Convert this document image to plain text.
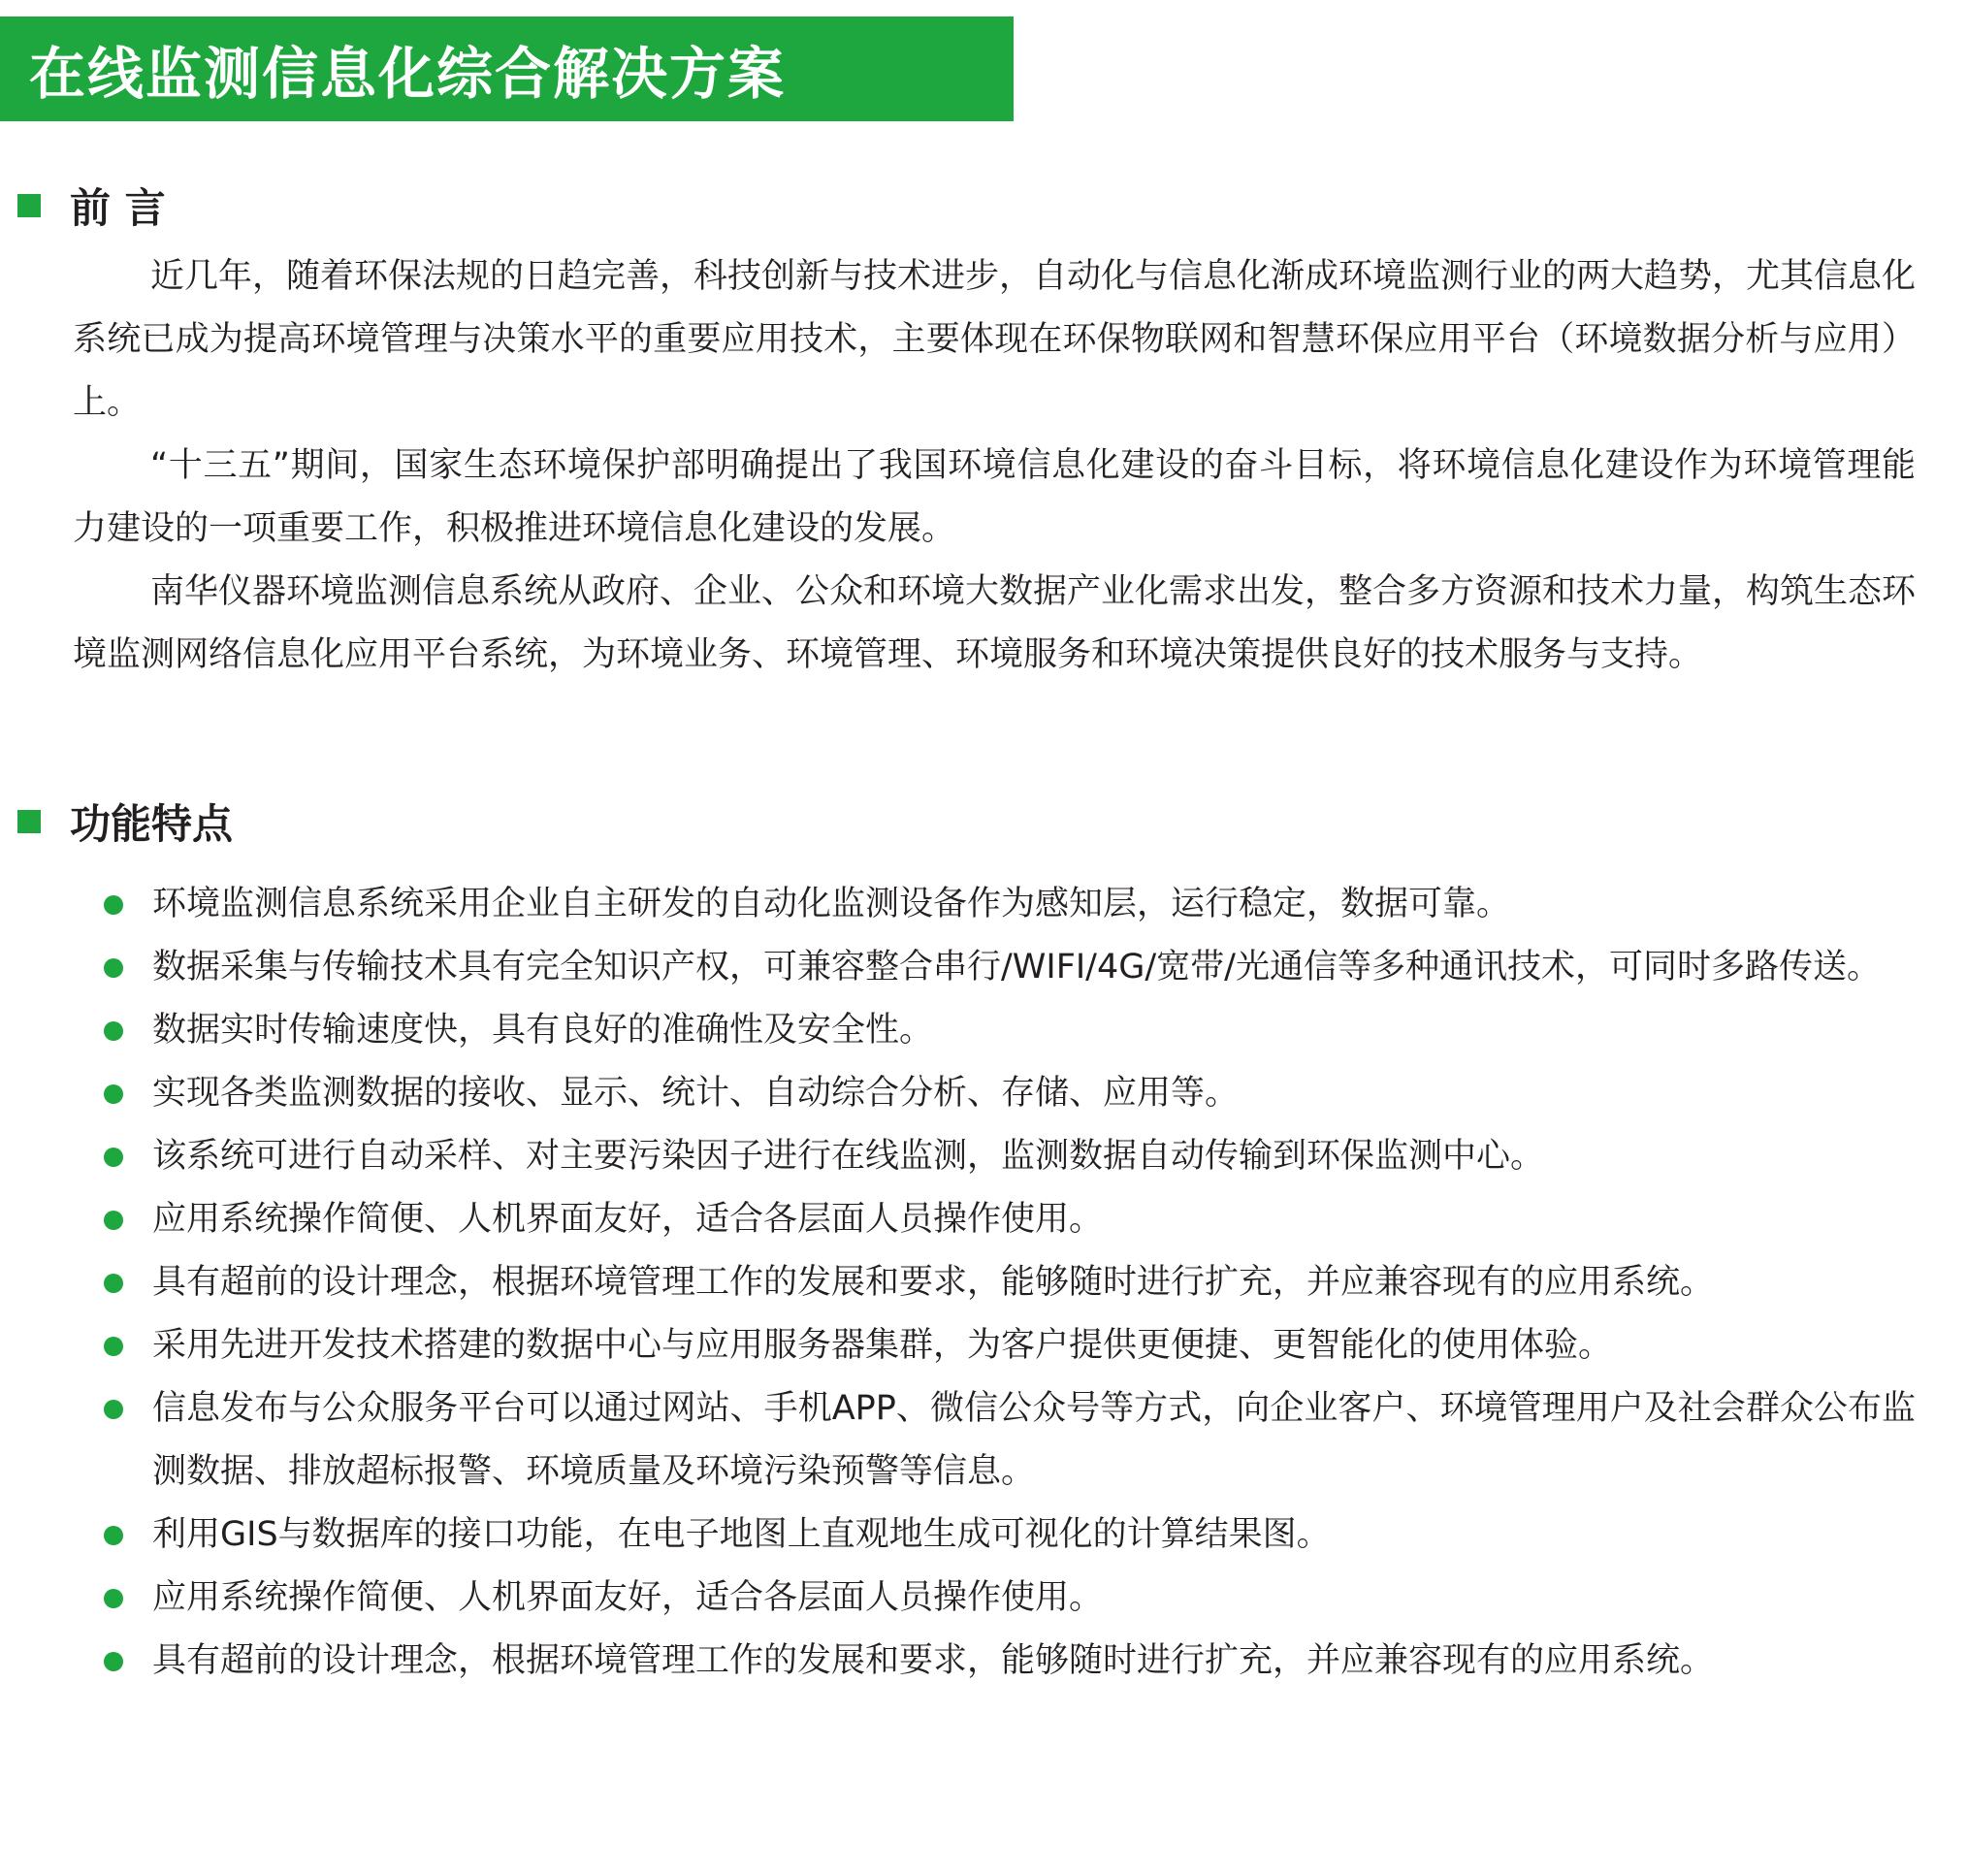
在线监测信息化综合解决方案
前 言

近几年，随着环保法规的日趋完善，科技创新与技术进步，自动化与信息化渐成环境监测行业的两大趋势，尤其信息化系统已成为提高环境管理与决策水平的重要应用技术，主要体现在环保物联网和智慧环保应用平台（环境数据分析与应用）上。

“十三五”期间，国家生态环境保护部明确提出了我国环境信息化建设的奋斗目标，将环境信息化建设作为环境管理能力建设的一项重要工作，积极推进环境信息化建设的发展。

南华仪器环境监测信息系统从政府、企业、公众和环境大数据产业化需求出发，整合多方资源和技术力量，构筑生态环境监测网络信息化应用平台系统，为环境业务、环境管理、环境服务和环境决策提供良好的技术服务与支持。

功能特点
环境监测信息系统采用企业自主研发的自动化监测设备作为感知层，运行稳定，数据可靠。
数据采集与传输技术具有完全知识产权，可兼容整合串行/WIFI/4G/宽带/光通信等多种通讯技术，可同时多路传送。
数据实时传输速度快，具有良好的准确性及安全性。
实现各类监测数据的接收、显示、统计、自动综合分析、存储、应用等。
该系统可进行自动采样、对主要污染因子进行在线监测，监测数据自动传输到环保监测中心。
应用系统操作简便、人机界面友好，适合各层面人员操作使用。
具有超前的设计理念，根据环境管理工作的发展和要求，能够随时进行扩充，并应兼容现有的应用系统。
采用先进开发技术搭建的数据中心与应用服务器集群，为客户提供更便捷、更智能化的使用体验。
信息发布与公众服务平台可以通过网站、手机APP、微信公众号等方式，向企业客户、环境管理用户及社会群众公布监测数据、排放超标报警、环境质量及环境污染预警等信息。
利用GIS与数据库的接口功能，在电子地图上直观地生成可视化的计算结果图。
应用系统操作简便、人机界面友好，适合各层面人员操作使用。
具有超前的设计理念，根据环境管理工作的发展和要求，能够随时进行扩充，并应兼容现有的应用系统。
